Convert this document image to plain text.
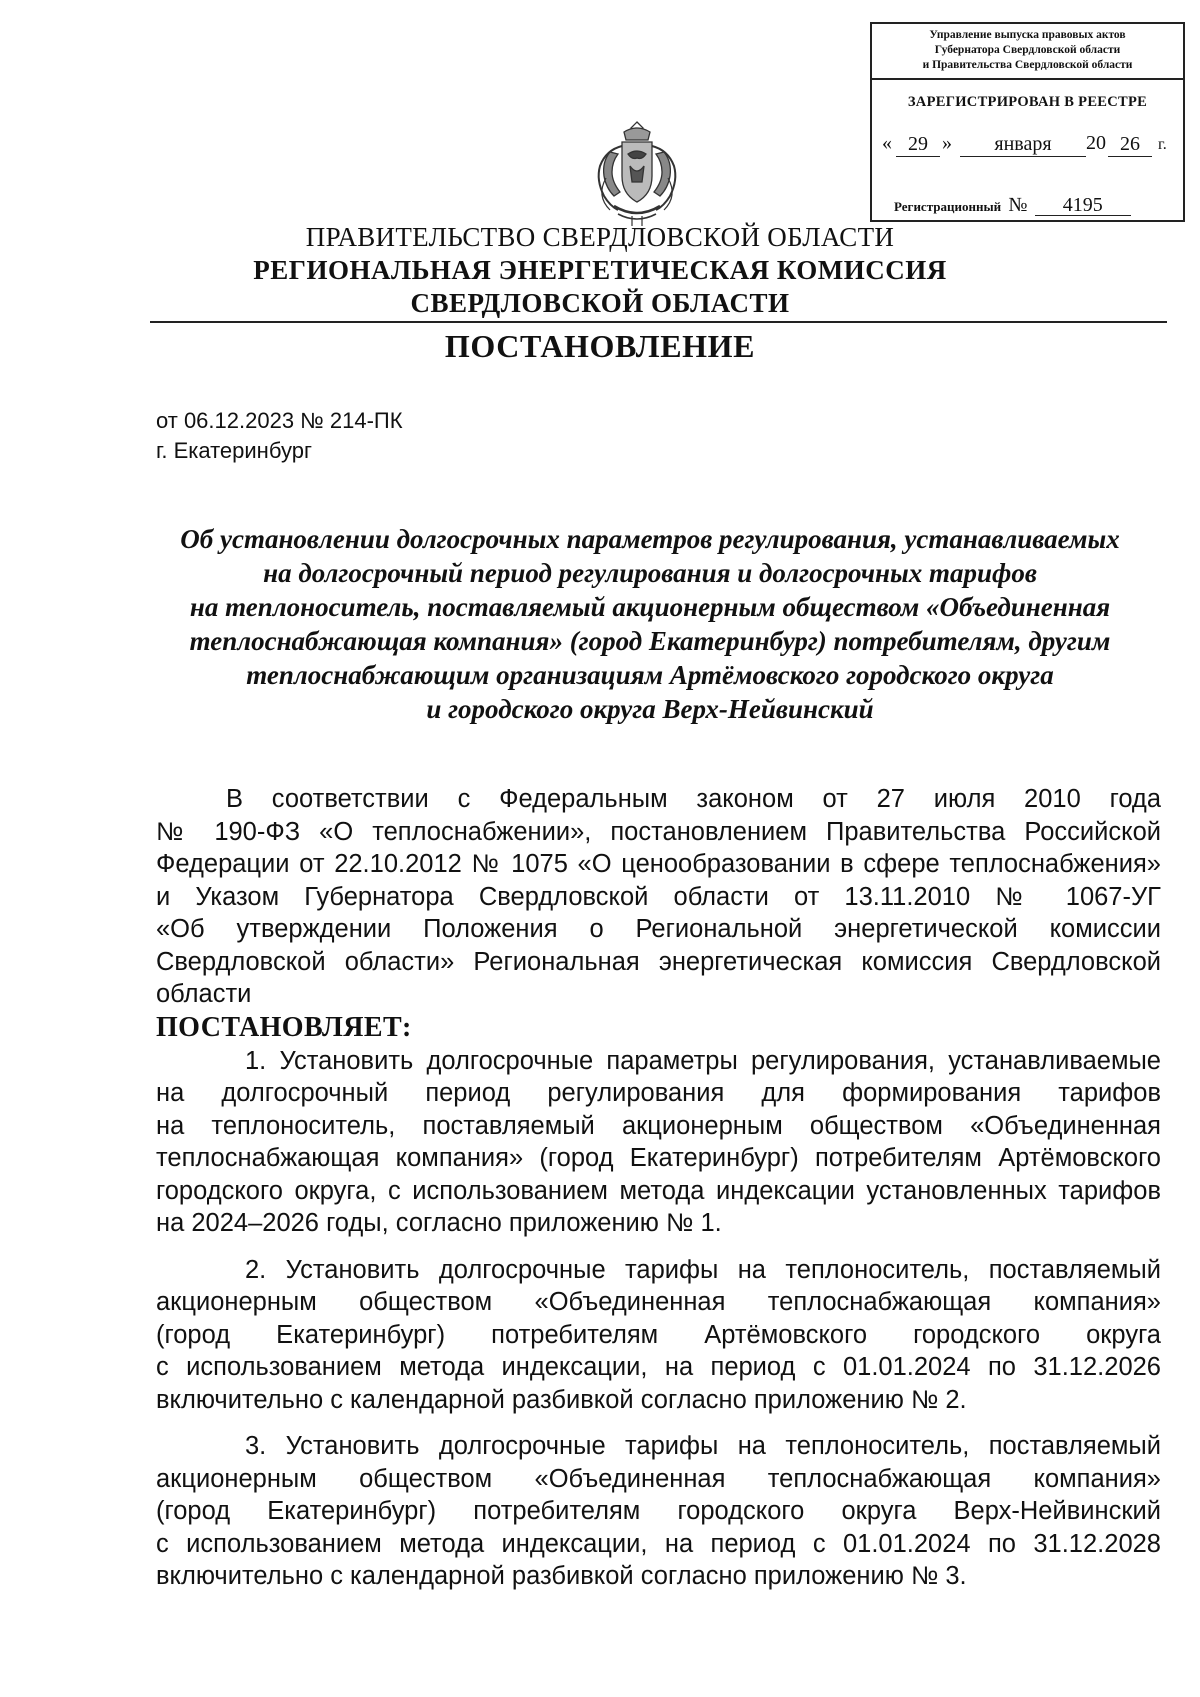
Управление выпуска правовых актов
Губернатора Свердловской области
и Правительства Свердловской области
ЗАРЕГИСТРИРОВАН В РЕЕСТРЕ
« 29 »	января	20 26	г.
Регистрационный № 4195
ПРАВИТЕЛЬСТВО СВЕРДЛОВСКОЙ ОБЛАСТИ
РЕГИОНАЛЬНАЯ ЭНЕРГЕТИЧЕСКАЯ КОМИССИЯ
СВЕРДЛОВСКОЙ ОБЛАСТИ
ПОСТАНОВЛЕНИЕ
от 06.12.2023 № 214-ПК
г. Екатеринбург
Об установлении долгосрочных параметров регулирования, устанавливаемых
на долгосрочный период регулирования и долгосрочных тарифов
на теплоноситель, поставляемый акционерным обществом «Объединенная
теплоснабжающая компания» (город Екатеринбург) потребителям, другим
теплоснабжающим организациям Артёмовского городского округа
и городского округа Верх-Нейвинский
В соответствии с Федеральным законом от 27 июля 2010 года
№ 190-ФЗ «О теплоснабжении», постановлением Правительства Российской
Федерации от 22.10.2012 № 1075 «О ценообразовании в сфере теплоснабжения»
и Указом Губернатора Свердловской области от 13.11.2010 № 1067-УГ
«Об утверждении Положения о Региональной энергетической комиссии
Свердловской области» Региональная энергетическая комиссия Свердловской
области
ПОСТАНОВЛЯЕТ:
1. Установить долгосрочные параметры регулирования, устанавливаемые
на долгосрочный период регулирования для формирования тарифов
на теплоноситель, поставляемый акционерным обществом «Объединенная
теплоснабжающая компания» (город Екатеринбург) потребителям Артёмовского
городского округа, с использованием метода индексации установленных тарифов
на 2024–2026 годы, согласно приложению № 1.
2. Установить долгосрочные тарифы на теплоноситель, поставляемый
акционерным обществом «Объединенная теплоснабжающая компания»
(город Екатеринбург) потребителям Артёмовского городского округа
с использованием метода индексации, на период с 01.01.2024 по 31.12.2026
включительно с календарной разбивкой согласно приложению № 2.
3. Установить долгосрочные тарифы на теплоноситель, поставляемый
акционерным обществом «Объединенная теплоснабжающая компания»
(город Екатеринбург) потребителям городского округа Верх-Нейвинский
с использованием метода индексации, на период с 01.01.2024 по 31.12.2028
включительно с календарной разбивкой согласно приложению № 3.
